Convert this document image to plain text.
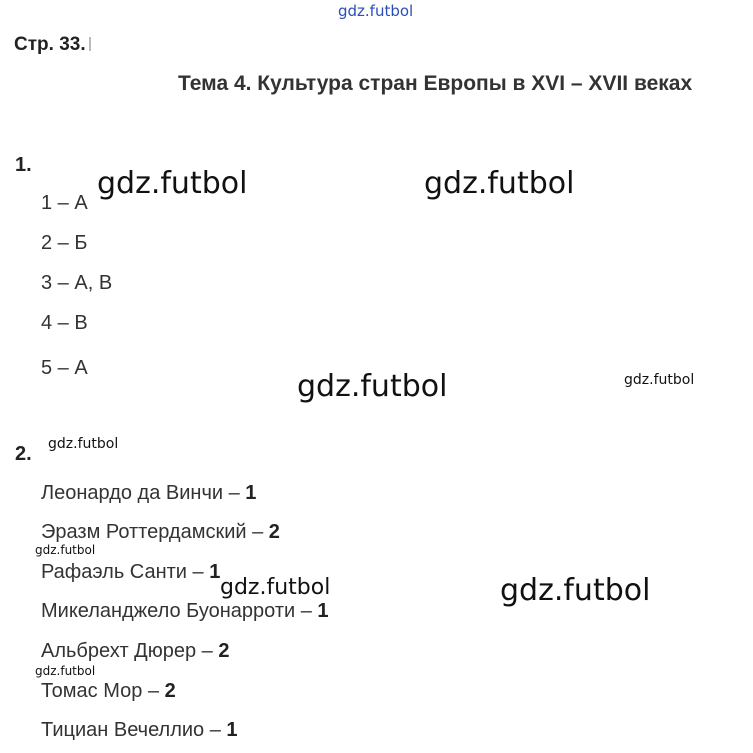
gdz.futbol
gdz.futbol	gdz.futbol
gdz.futbol	gdz.futbol
gdz.futbol
gdz.futbol
gdz.futbol	gdz.futbol
gdz.futbol
Стр. 33.
Тема 4. Культура стран Европы в XVI – XVII веках
1.
1 – А
2 – Б
3 – А, В
4 – В
5 – А
2.
Леонардо да Винчи – 1
Эразм Роттердамский – 2
Рафаэль Санти – 1
Микеланджело Буонарроти – 1
Альбрехт Дюрер – 2
Томас Мор – 2
Тициан Вечеллио – 1
